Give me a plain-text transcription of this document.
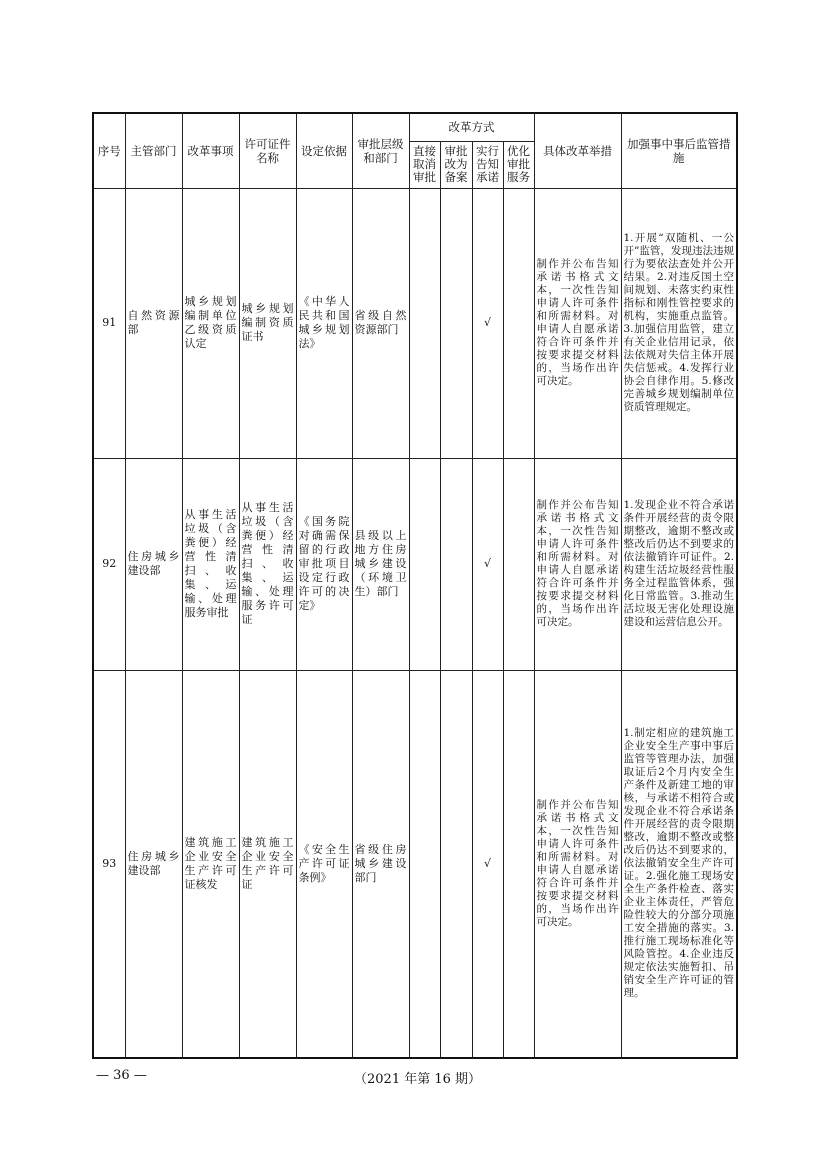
序号	主管部门	改革事项	许可证件名称	设定依据	审批层级和部门	改革方式				具体改革举措	加强事中事后监管措施
						直接取消审批	审批改为备案	实行告知承诺	优化审批服务		
91	自然资源部	城乡规划编制单位乙级资质认定	城乡规划编制资质证书	《中华人民共和国城乡规划法》	省级自然资源部门			√		制作并公布告知承诺书格式文本，一次性告知申请人许可条件和所需材料。对申请人自愿承诺符合许可条件并按要求提交材料的，当场作出许可决定。	1.开展“双随机、一公开”监管，发现违法违规行为要依法查处并公开结果。2.对违反国土空间规划、未落实约束性指标和刚性管控要求的机构，实施重点监管。3.加强信用监管，建立有关企业信用记录，依法依规对失信主体开展失信惩戒。4.发挥行业协会自律作用。5.修改完善城乡规划编制单位资质管理规定。
92	住房城乡建设部	从事生活垃圾（含粪便）经营性清扫、收集、运输、处理服务审批	从事生活垃圾（含粪便）经营性清扫、收集、运输、处理服务许可证	《国务院对确需保留的行政审批项目设定行政许可的决定》	县级以上地方住房城乡建设（环境卫生）部门			√		制作并公布告知承诺书格式文本，一次性告知申请人许可条件和所需材料。对申请人自愿承诺符合许可条件并按要求提交材料的，当场作出许可决定。	1.发现企业不符合承诺条件开展经营的责令限期整改，逾期不整改或整改后仍达不到要求的依法撤销许可证件。2.构建生活垃圾经营性服务全过程监管体系，强化日常监管。3.推动生活垃圾无害化处理设施建设和运营信息公开。
93	住房城乡建设部	建筑施工企业安全生产许可证核发	建筑施工企业安全生产许可证	《安全生产许可证条例》	省级住房城乡建设部门			√		制作并公布告知承诺书格式文本，一次性告知申请人许可条件和所需材料。对申请人自愿承诺符合许可条件并按要求提交材料的，当场作出许可决定。	1.制定相应的建筑施工企业安全生产事中事后监管等管理办法，加强取证后2个月内安全生产条件及新建工地的审核，与承诺不相符合或发现企业不符合承诺条件开展经营的责令限期整改，逾期不整改或整改后仍达不到要求的，依法撤销安全生产许可证。2.强化施工现场安全生产条件检查、落实企业主体责任，严管危险性较大的分部分项施工安全措施的落实。3.推行施工现场标准化等风险管控。4.企业违反规定依法实施暂扣、吊销安全生产许可证的管理。
— 36 —	（2021 年第 16 期）
